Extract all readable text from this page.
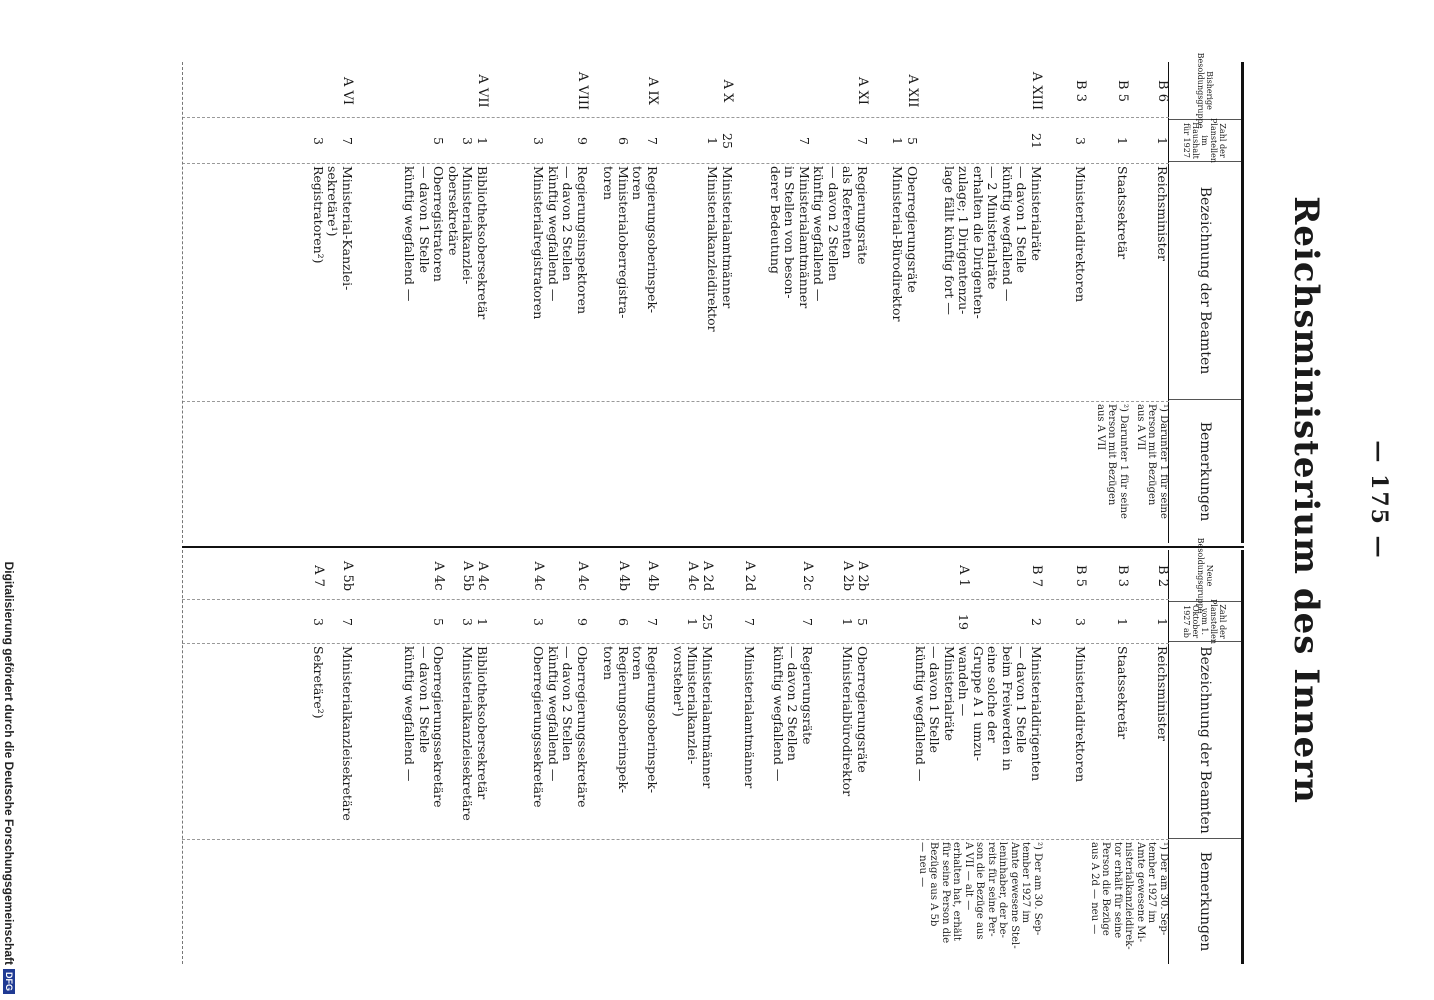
— 175 —
Reichsministerium des Innern
Bisherige Besoldungsgruppe
Zahl der Planstellen im Haushalt für 1927
Bezeichnung der Beamten
Bemerkungen
B 6
1
Reichsminister
¹) Darunter 1 für seine
Person mit Bezügen
aus A VII
B 5
1
Staatssekretär
²) Darunter 1 für seine
Person mit Bezügen
aus A VII
B 3
3
Ministerialdirektoren
A XIII
21
Ministerialräte
— davon 1 Stelle
künftig wegfallend —
— 2 Ministerialräte
erhalten die Dirigenten-
zulage; 1 Dirigentenzu-
lage fällt künftig fort —
A XII
5
1
Oberregierungsräte
Ministerial-Bürodirektor
A XI
7

7
Regierungsräte
als Referenten
— davon 2 Stellen
künftig wegfallend —
Ministerialamtmänner
in Stellen von beson-
derer Bedeutung
A X
25
1
Ministerialamtmänner
Ministerialkanzleidirektor
A IX
7

6
Regierungsoberinspek-
toren
Ministerialoberregistra-
toren
A VIII
9

3
Regierungsinspektoren
— davon 2 Stellen
künftig wegfallend —
Ministerialregistratoren
A VII
1
3

5
Bibliotheksobersekretär
Ministerialkanzlei-
obersekretäre
Oberregistratoren
— davon 1 Stelle
künftig wegfallend —
A VI
7

3
Ministerial-Kanzlei-
sekretäre¹)
Registratoren²)
Neue Besoldungsgruppe
Zahl der Planstellen vom 1. Oktober 1927 ab
Bezeichnung der Beamten
Bemerkungen
B 2
1
Reichsminister
¹) Der am 30. Sep-
tember 1927 im
Amte gewesene Mi-
nisterialkanzleidirek-
tor erhält für seine
Person die Bezüge
aus A 2d — neu —
B 3
1
Staatssekretär
B 5
3
Ministerialdirektoren
B 7

A 1
2

19
Ministerialdirigenten
— davon 1 Stelle
beim Freiwerden in
eine solche der
Gruppe A 1 umzu-
wandeln —
Ministerialräte
— davon 1 Stelle
künftig wegfallend —
²) Der am 30. Sep-
tember 1927 im
Amte gewesene Stel-
leninhaber, der be-
reits für seine Per-
son die Bezüge aus
A VII — alt —
erhalten hat, erhält
für seine Person die
Bezüge aus A 5b
— neu —
A 2b
A 2b
5
1
Oberregierungsräte
Ministerialbürodirektor
A 2c

A 2d
7

7
Regierungsräte
— davon 2 Stellen
künftig wegfallend —

Ministerialamtmänner
A 2d
A 4c
25
1
Ministerialamtmänner
Ministerialkanzlei-
vorsteher¹)
A 4b

A 4b
7

6
Regierungsoberinspek-
toren
Regierungsoberinspek-
toren
A 4c

A 4c
9

3
Oberregierungssekretäre
— davon 2 Stellen
künftig wegfallend —
Oberregierungssekretäre
A 4c
A 5b

A 4c
1
3

5
Bibliotheksobersekretär
Ministerialkanzleisekretäre

Oberregierungssekretäre
— davon 1 Stelle
künftig wegfallend —
A 5b

A 7
7

3
Ministerialkanzleisekretäre

Sekretäre²)
Digitalisierung gefördert durch die Deutsche Forschungsgemeinschaft
DFG
